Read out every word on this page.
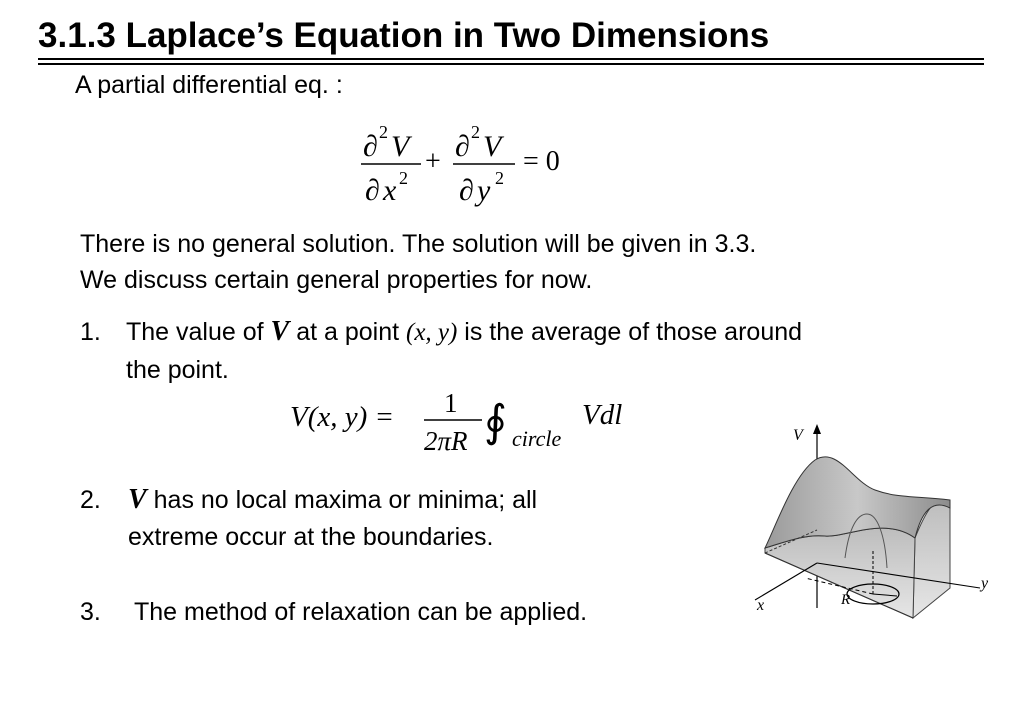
3.1.3 Laplace’s Equation in Two Dimensions
A partial differential eq. :
∂ 2 V
∂ x 2
+ ∂ 2 V
∂ y 2
= 0
There is no general solution. The solution will be given in 3.3.
We discuss certain general properties for now.
1. The value of V at a point (x, y) is the average of those around
the point.
V(x, y) = 1
2πR ∮ circle
Vdl
2. V has no local maxima or minima; all
extreme occur at the boundaries.
3. The method of relaxation can be applied.
V
y
x	R
